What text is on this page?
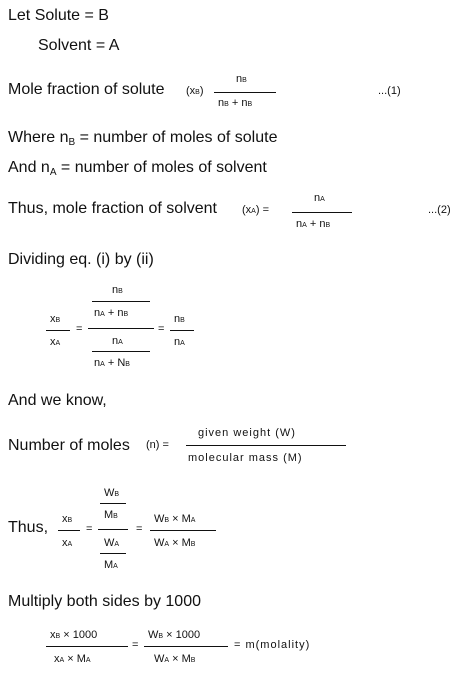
Let Solute = B
Solvent = A
Mole fraction of solute (xB)
nB
nB + nB
...(1)
Where $n_B$ = number of moles of solute
And $n_A$ = number of moles of solvent
Thus, mole fraction of solvent (xA) =
nA
nA + nB
...(2)
Dividing eq. (i) by (ii)
xB
xA
=
nB
nA + nB
nA
nA + NB
=
nB
nA
And we know,
Number of moles (n) =
given weight (W)
molecular mass (M)
Thus, xB
xA
=
WB
MB
WA
MA
=
WB × MA
WA × MB
Multiply both sides by 1000
xB × 1000
xA × MA
=
WB × 1000
WA × MB
= m(molality)
